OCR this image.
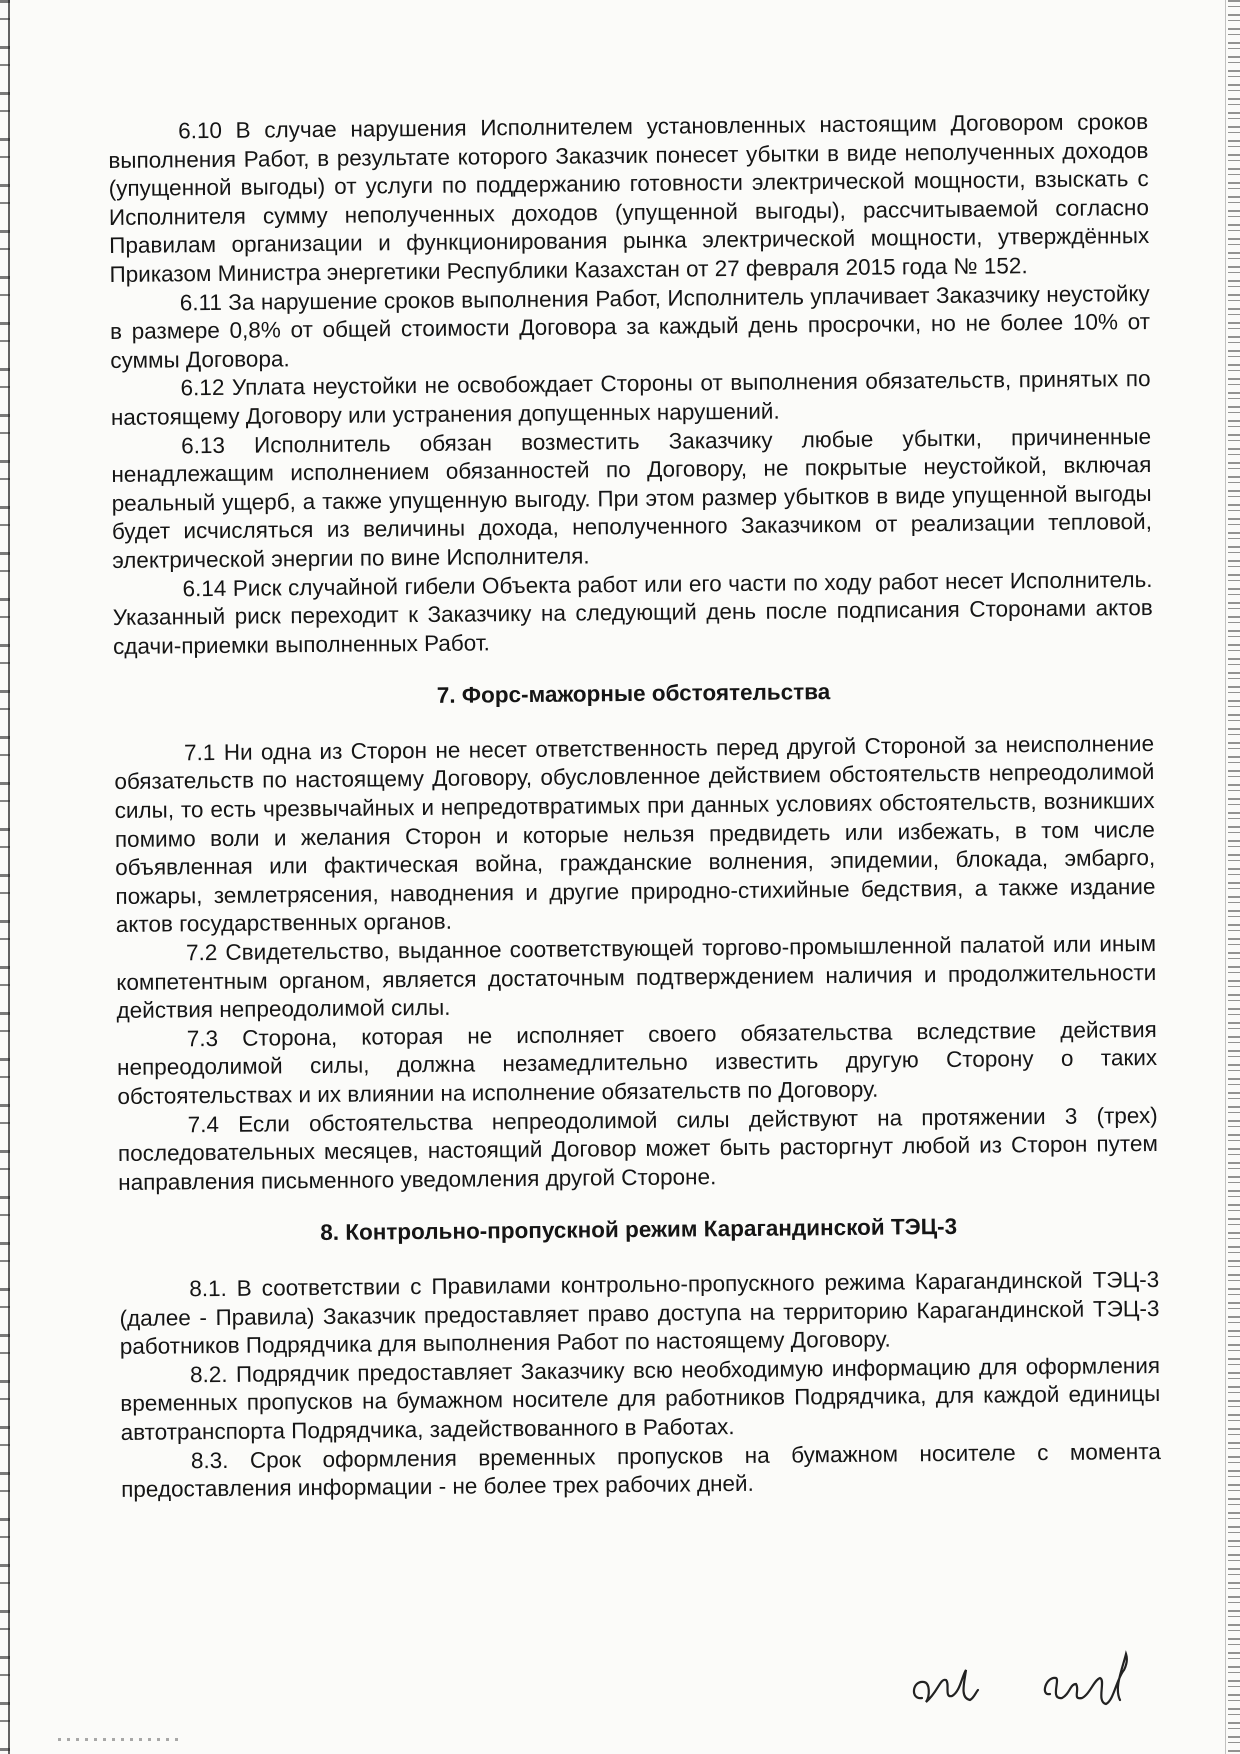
6.10 В случае нарушения Исполнителем установленных настоящим Договором сроков выполнения Работ, в результате которого Заказчик понесет убытки в виде неполученных доходов (упущенной выгоды) от услуги по поддержанию готовности электрической мощности, взыскать с Исполнителя сумму неполученных доходов (упущенной выгоды), рассчитываемой согласно Правилам организации и функционирования рынка электрической мощности, утверждённых Приказом Министра энергетики Республики Казахстан от 27 февраля 2015 года № 152.

6.11 За нарушение сроков выполнения Работ, Исполнитель уплачивает Заказчику неустойку в размере 0,8% от общей стоимости Договора за каждый день просрочки, но не более 10% от суммы Договора.

6.12 Уплата неустойки не освобождает Стороны от выполнения обязательств, принятых по настоящему Договору или устранения допущенных нарушений.

6.13 Исполнитель обязан возместить Заказчику любые убытки, причиненные ненадлежащим исполнением обязанностей по Договору, не покрытые неустойкой, включая реальный ущерб, а также упущенную выгоду. При этом размер убытков в виде упущенной выгоды будет исчисляться из величины дохода, неполученного Заказчиком от реализации тепловой, электрической энергии по вине Исполнителя.

6.14 Риск случайной гибели Объекта работ или его части по ходу работ несет Исполнитель. Указанный риск переходит к Заказчику на следующий день после подписания Сторонами актов сдачи-приемки выполненных Работ.

7. Форс-мажорные обстоятельства

7.1 Ни одна из Сторон не несет ответственность перед другой Стороной за неисполнение обязательств по настоящему Договору, обусловленное действием обстоятельств непреодолимой силы, то есть чрезвычайных и непредотвратимых при данных условиях обстоятельств, возникших помимо воли и желания Сторон и которые нельзя предвидеть или избежать, в том числе объявленная или фактическая война, гражданские волнения, эпидемии, блокада, эмбарго, пожары, землетрясения, наводнения и другие природно-стихийные бедствия, а также издание актов государственных органов.

7.2 Свидетельство, выданное соответствующей торгово-промышленной палатой или иным компетентным органом, является достаточным подтверждением наличия и продолжительности действия непреодолимой силы.

7.3 Сторона, которая не исполняет своего обязательства вследствие действия непреодолимой силы, должна незамедлительно известить другую Сторону о таких обстоятельствах и их влиянии на исполнение обязательств по Договору.

7.4 Если обстоятельства непреодолимой силы действуют на протяжении 3 (трех) последовательных месяцев, настоящий Договор может быть расторгнут любой из Сторон путем направления письменного уведомления другой Стороне.

8. Контрольно-пропускной режим Карагандинской ТЭЦ-3

8.1. В соответствии с Правилами контрольно-пропускного режима Карагандинской ТЭЦ-3 (далее - Правила) Заказчик предоставляет право доступа на территорию Карагандинской ТЭЦ-3 работников Подрядчика для выполнения Работ по настоящему Договору.

8.2. Подрядчик предоставляет Заказчику всю необходимую информацию для оформления временных пропусков на бумажном носителе для работников Подрядчика, для каждой единицы автотранспорта Подрядчика, задействованного в Работах.

8.3. Срок оформления временных пропусков на бумажном носителе с момента предоставления информации - не более трех рабочих дней.
